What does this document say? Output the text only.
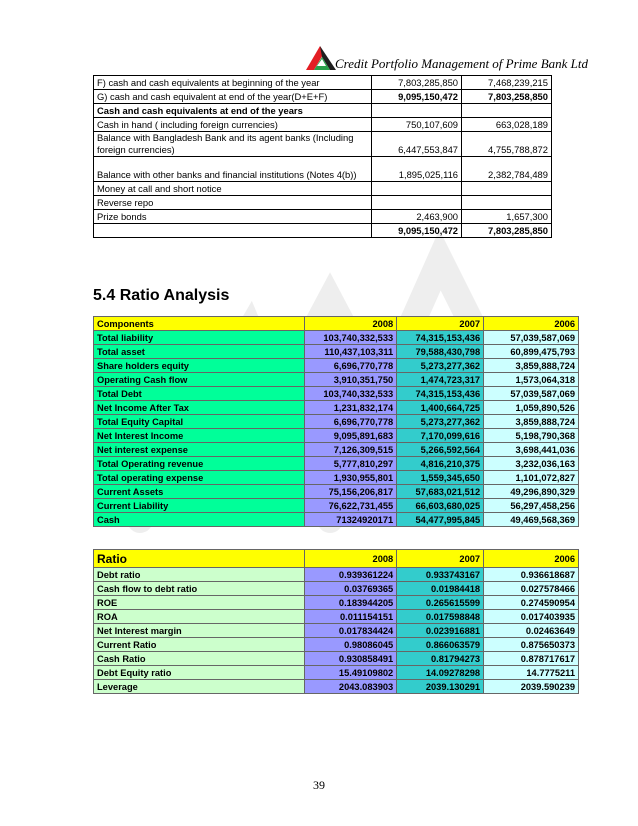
Credit Portfolio Management of Prime Bank Ltd
F) cash and cash equivalents at beginning of the year	7,803,285,850	7,468,239,215
G) cash and cash equivalent at end of the year(D+E+F)	9,095,150,472	7,803,258,850
Cash and cash equivalents at end of the years		
Cash in hand ( including foreign currencies)	750,107,609	663,028,189
Balance with Bangladesh Bank and its agent banks (Including foreign currencies)	6,447,553,847	4,755,788,872
Balance with other banks and financial institutions (Notes 4(b))	1,895,025,116	2,382,784,489
Money at call and short notice		
Reverse repo		
Prize bonds	2,463,900	1,657,300
	9,095,150,472	7,803,285,850
5.4 Ratio Analysis
Components	2008	2007	2006
Total liability	103,740,332,533	74,315,153,436	57,039,587,069
Total asset	110,437,103,311	79,588,430,798	60,899,475,793
Share holders equity	6,696,770,778	5,273,277,362	3,859,888,724
Operating Cash flow	3,910,351,750	1,474,723,317	1,573,064,318
Total Debt	103,740,332,533	74,315,153,436	57,039,587,069
Net Income After Tax	1,231,832,174	1,400,664,725	1,059,890,526
Total Equity Capital	6,696,770,778	5,273,277,362	3,859,888,724
Net Interest Income	9,095,891,683	7,170,099,616	5,198,790,368
Net interest expense	7,126,309,515	5,266,592,564	3,698,441,036
Total Operating revenue	5,777,810,297	4,816,210,375	3,232,036,163
Total operating expense	1,930,955,801	1,559,345,650	1,101,072,827
Current Assets	75,156,206,817	57,683,021,512	49,296,890,329
Current Liability	76,622,731,455	66,603,680,025	56,297,458,256
Cash	71324920171	54,477,995,845	49,469,568,369
Ratio	2008	2007	2006
Debt ratio	0.939361224	0.933743167	0.936618687
Cash flow to debt ratio	0.03769365	0.01984418	0.027578466
ROE	0.183944205	0.265615599	0.274590954
ROA	0.011154151	0.017598848	0.017403935
Net Interest margin	0.017834424	0.023916881	0.02463649
Current Ratio	0.98086045	0.866063579	0.875650373
Cash Ratio	0.930858491	0.81794273	0.878717617
Debt Equity ratio	15.49109802	14.09278298	14.7775211
Leverage	2043.083903	2039.130291	2039.590239
39
